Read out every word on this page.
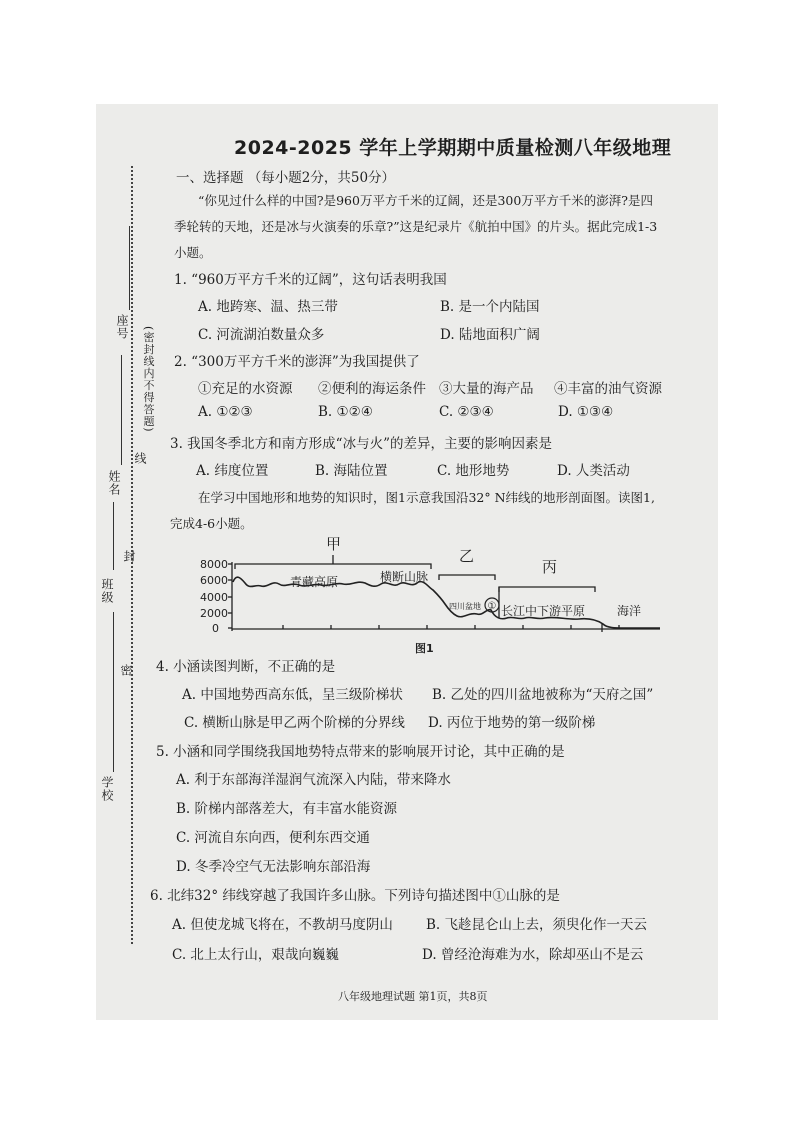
2024-2025 学年上学期期中质量检测八年级地理
学校
班级
姓名
座号
密
封
线
(密封线内不得答题)
一、选择题 （每小题2分，共50分）
“你见过什么样的中国?是960万平方千米的辽阔，还是300万平方千米的澎湃?是四
季轮转的天地，还是冰与火演奏的乐章?”这是纪录片《航拍中国》的片头。据此完成1-3
小题。
1. “960万平方千米的辽阔”，这句话表明我国
A. 地跨寒、温、热三带	B. 是一个内陆国
C. 河流湖泊数量众多	D. 陆地面积广阔
2. “300万平方千米的澎湃”为我国提供了
①充足的水资源 ②便利的海运条件 ③大量的海产品 ④丰富的油气资源
A. ①②③	B. ①②④	C. ②③④	D. ①③④
3. 我国冬季北方和南方形成“冰与火”的差异，主要的影响因素是
A. 纬度位置	B. 海陆位置	C. 地形地势	D. 人类活动
在学习中国地形和地势的知识时，图1示意我国沿32° N纬线的地形剖面图。读图1,
完成4-6小题。
①
8000
6000
4000
2000
0
甲
乙
丙
青藏高原	横断山脉
四川盆地 长江中下游平原	海洋
图1
4. 小涵读图判断，不正确的是
A. 中国地势西高东低，呈三级阶梯状 B. 乙处的四川盆地被称为“天府之国”
C. 横断山脉是甲乙两个阶梯的分界线 D. 丙位于地势的第一级阶梯
5. 小涵和同学围绕我国地势特点带来的影响展开讨论，其中正确的是
A. 利于东部海洋湿润气流深入内陆，带来降水
B. 阶梯内部落差大，有丰富水能资源
C. 河流自东向西，便利东西交通
D. 冬季冷空气无法影响东部沿海
6. 北纬32° 纬线穿越了我国许多山脉。下列诗句描述图中①山脉的是
A. 但使龙城飞将在，不教胡马度阴山 B. 飞趁昆仑山上去，须臾化作一天云
C. 北上太行山，艰哉向巍巍	D. 曾经沧海难为水，除却巫山不是云
八年级地理试题 第1页，共8页
